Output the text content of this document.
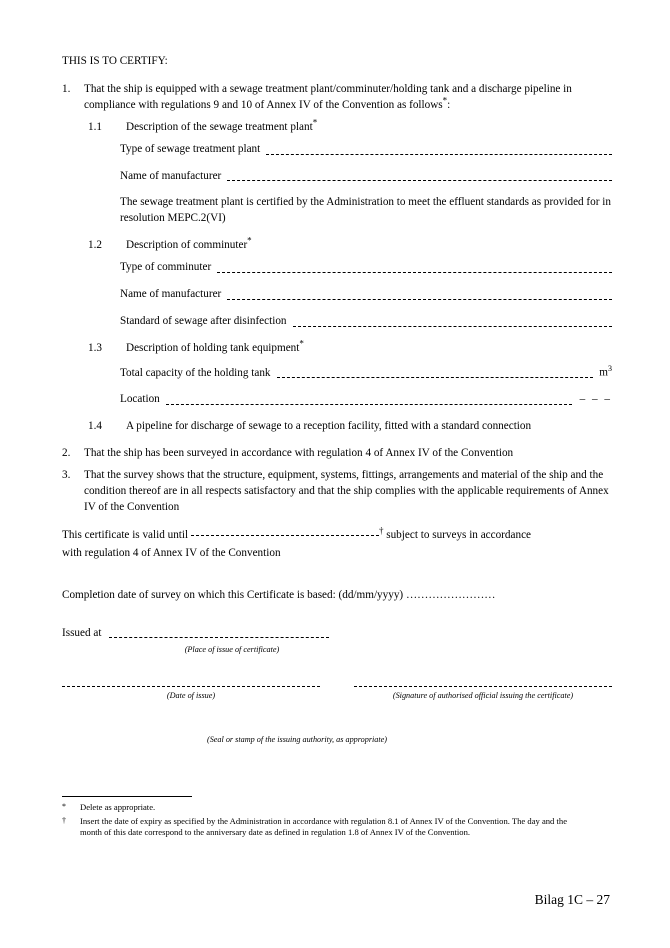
THIS IS TO CERTIFY:
1.	That the ship is equipped with a sewage treatment plant/comminuter/holding tank and a discharge pipeline in compliance with regulations 9 and 10 of Annex IV of the Convention as follows*:
1.1	Description of the sewage treatment plant*
Type of sewage treatment plant
Name of manufacturer
The sewage treatment plant is certified by the Administration to meet the effluent standards as provided for in resolution MEPC.2(VI)
1.2	Description of comminuter*
Type of comminuter
Name of manufacturer
Standard of sewage after disinfection
1.3	Description of holding tank equipment*
Total capacity of the holding tank	$m^3$
Location	– – –
1.4	A pipeline for discharge of sewage to a reception facility, fitted with a standard connection
2.	That the ship has been surveyed in accordance with regulation 4 of Annex IV of the Convention
3.	That the survey shows that the structure, equipment, systems, fittings, arrangements and material of the ship and the condition thereof are in all respects satisfactory and that the ship complies with the applicable requirements of Annex IV of the Convention
This certificate is valid until	† subject to surveys in accordance
with regulation 4 of Annex IV of the Convention
Completion date of survey on which this Certificate is based: (dd/mm/yyyy) ……………………
Issued at
(Place of issue of certificate)
(Date of issue)	(Signature of authorised official issuing the certificate)
(Seal or stamp of the issuing authority, as appropriate)
*	Delete as appropriate.
†	Insert the date of expiry as specified by the Administration in accordance with regulation 8.1 of Annex IV of the Convention. The day and the month of this date correspond to the anniversary date as defined in regulation 1.8 of Annex IV of the Convention.
Bilag 1C – 27
